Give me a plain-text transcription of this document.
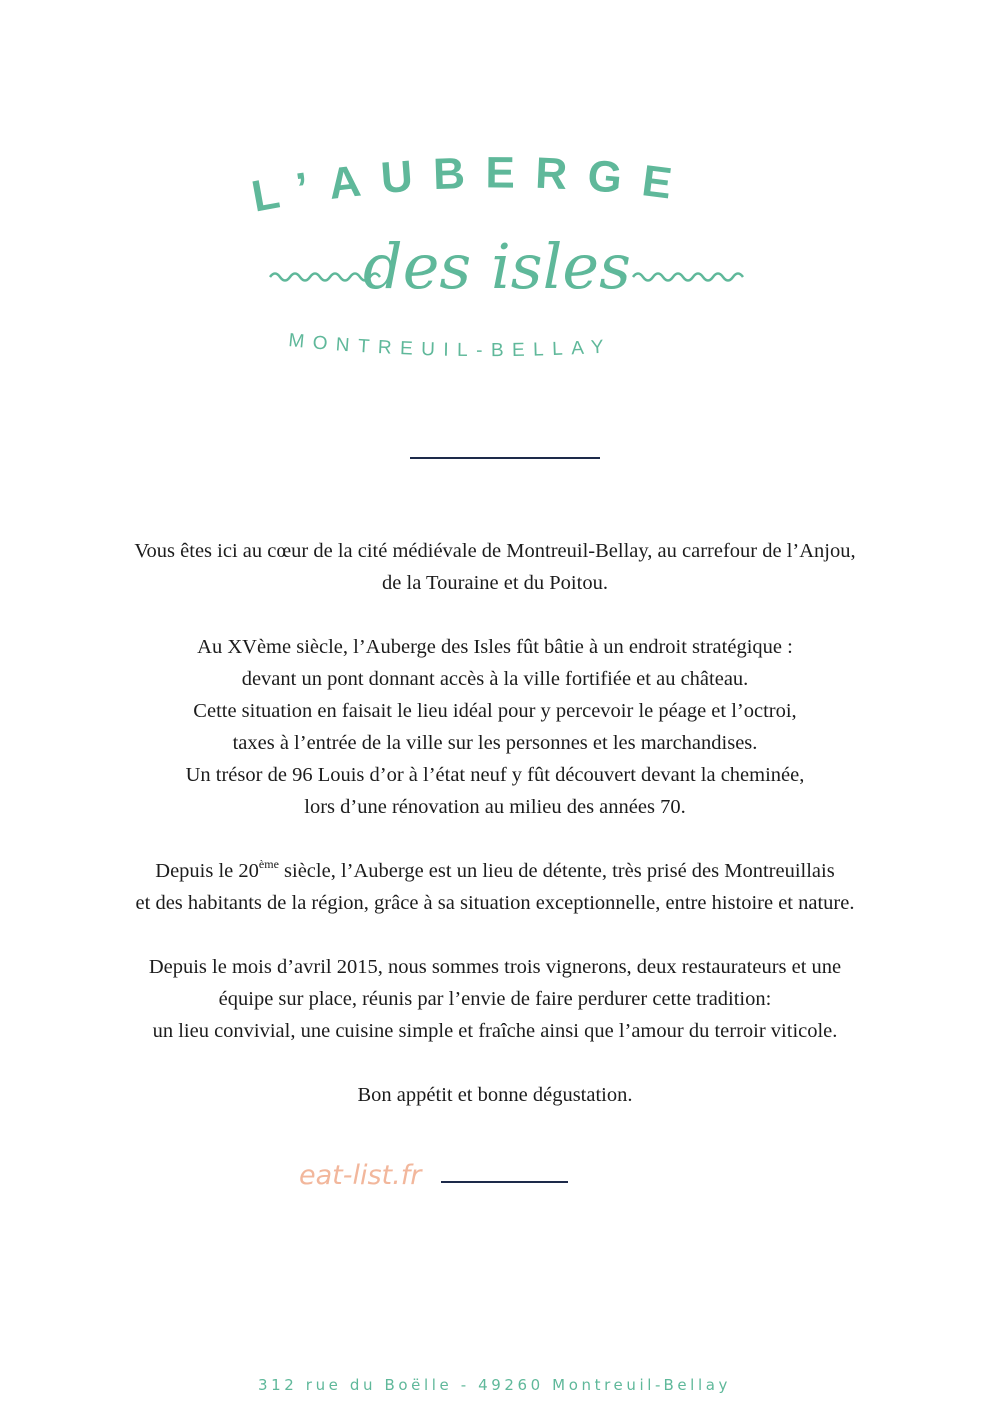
L’AUBERGE
des isles
MONTREUIL-BELLAY

Vous êtes ici au cœur de la cité médiévale de Montreuil-Bellay, au carrefour de l’Anjou,
de la Touraine et du Poitou.

Au XVème siècle, l’Auberge des Isles fût bâtie à un endroit stratégique :
devant un pont donnant accès à la ville fortifiée et au château.
Cette situation en faisait le lieu idéal pour y percevoir le péage et l’octroi,
taxes à l’entrée de la ville sur les personnes et les marchandises.
Un trésor de 96 Louis d’or à l’état neuf y fût découvert devant la cheminée,
lors d’une rénovation au milieu des années 70.

Depuis le 20ème siècle, l’Auberge est un lieu de détente, très prisé des Montreuillais
et des habitants de la région, grâce à sa situation exceptionnelle, entre histoire et nature.

Depuis le mois d’avril 2015, nous sommes trois vignerons, deux restaurateurs et une
équipe sur place, réunis par l’envie de faire perdurer cette tradition:
un lieu convivial, une cuisine simple et fraîche ainsi que l’amour du terroir viticole.

Bon appétit et bonne dégustation.

eat-list.fr
312 rue du Boëlle - 49260 Montreuil-Bellay
